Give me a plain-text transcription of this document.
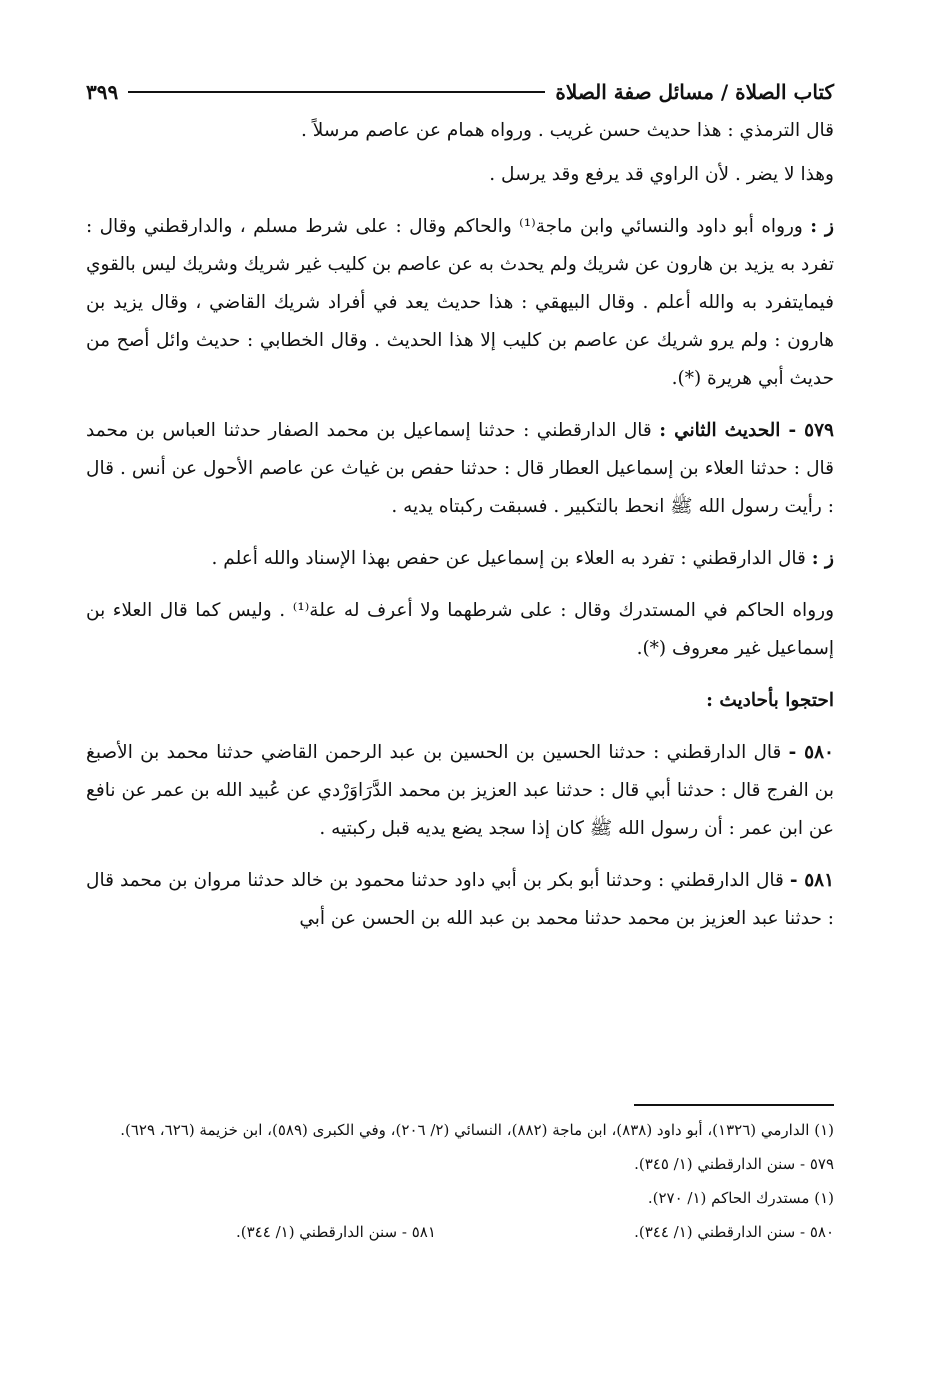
كتاب الصلاة / مسائل صفة الصلاة
٣٩٩

قال الترمذي : هذا حديث حسن غريب . ورواه همام عن عاصم مرسلاً .

وهذا لا يضر . لأن الراوي قد يرفع وقد يرسل .

ز : ورواه أبو داود والنسائي وابن ماجة⁽¹⁾ والحاكم وقال : على شرط مسلم ، والدارقطني وقال : تفرد به يزيد بن هارون عن شريك ولم يحدث به عن عاصم بن كليب غير شريك وشريك ليس بالقوي فيمايتفرد به والله أعلم . وقال البيهقي : هذا حديث يعد في أفراد شريك القاضي ، وقال يزيد بن هارون : ولم يرو شريك عن عاصم بن كليب إلا هذا الحديث . وقال الخطابي : حديث وائل أصح من حديث أبي هريرة (*).

٥٧٩ - الحديث الثاني : قال الدارقطني : حدثنا إسماعيل بن محمد الصفار حدثنا العباس بن محمد قال : حدثنا العلاء بن إسماعيل العطار قال : حدثنا حفص بن غياث عن عاصم الأحول عن أنس . قال : رأيت رسول الله ﷺ انحط بالتكبير . فسبقت ركبتاه يديه .

ز : قال الدارقطني : تفرد به العلاء بن إسماعيل عن حفص بهذا الإسناد والله أعلم .

ورواه الحاكم في المستدرك وقال : على شرطهما ولا أعرف له علة⁽¹⁾ . وليس كما قال العلاء بن إسماعيل غير معروف (*).

احتجوا بأحاديث :

٥٨٠ - قال الدارقطني : حدثنا الحسين بن الحسين بن عبد الرحمن القاضي حدثنا محمد بن الأصبغ بن الفرج قال : حدثنا أبي قال : حدثنا عبد العزيز بن محمد الدَّرَاوَرْدي عن عُبيد الله بن عمر عن نافع عن ابن عمر : أن رسول الله ﷺ كان إذا سجد يضع يديه قبل ركبتيه .

٥٨١ - قال الدارقطني : وحدثنا أبو بكر بن أبي داود حدثنا محمود بن خالد حدثنا مروان بن محمد قال : حدثنا عبد العزيز بن محمد حدثنا محمد بن عبد الله بن الحسن عن أبي

(١) الدارمي (١٣٢٦)، أبو داود (٨٣٨)، ابن ماجة (٨٨٢)، النسائي (٢/ ٢٠٦)، وفي الكبرى (٥٨٩)، ابن خزيمة (٦٢٦، ٦٢٩).

٥٧٩ - سنن الدارقطني (١/ ٣٤٥).

(١) مستدرك الحاكم (١/ ٢٧٠).

٥٨٠ - سنن الدارقطني (١/ ٣٤٤).
٥٨١ - سنن الدارقطني (١/ ٣٤٤).
